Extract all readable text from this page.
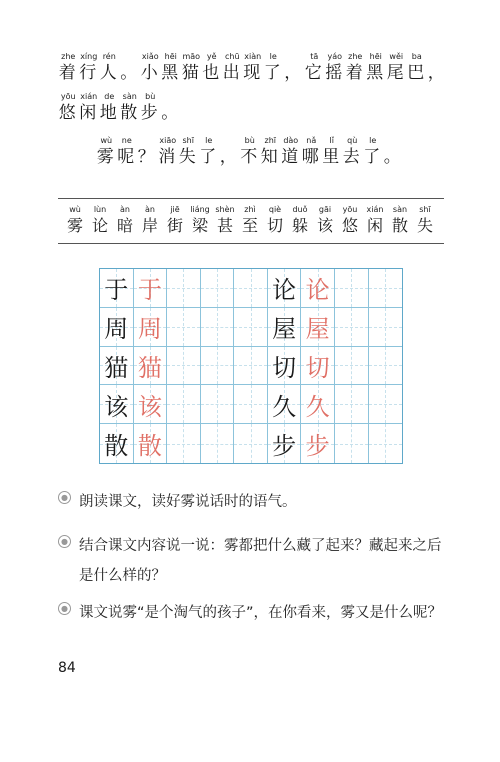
zhe
着
xíng
行
rén
人 。
xiǎo
小
hēi
黑
māo
猫
yě
也
chū
出
xiàn
现
le
了 ，
tā
它
yáo
摇
zhe
着
hēi
黑
wěi
尾
ba
巴 ，
yōu
悠
xián
闲
de
地
sàn
散
bù
步 。
wù
雾
ne
呢 ？
xiāo
消
shī
失
le
了 ，
bù
不
zhī
知
dào
道
nǎ
哪
lǐ
里
qù
去
le
了 。
wù
雾
lùn
论
àn
暗
àn
岸
jiē
街
liáng
梁
shèn
甚
zhì
至
qiè
切
duǒ
躲
gāi
该
yōu
悠
xián
闲
sàn
散
shī
失
于 于	论 论
周 周	屋 屋
猫 猫	切 切
该 该	久 久
散 散	步 步
● 朗读课文，读好雾说话时的语气。
● 结合课文内容说一说：雾都把什么藏了起来？藏起来之后是什么样的？
● 课文说雾“是个淘气的孩子”，在你看来，雾又是什么呢？
84
